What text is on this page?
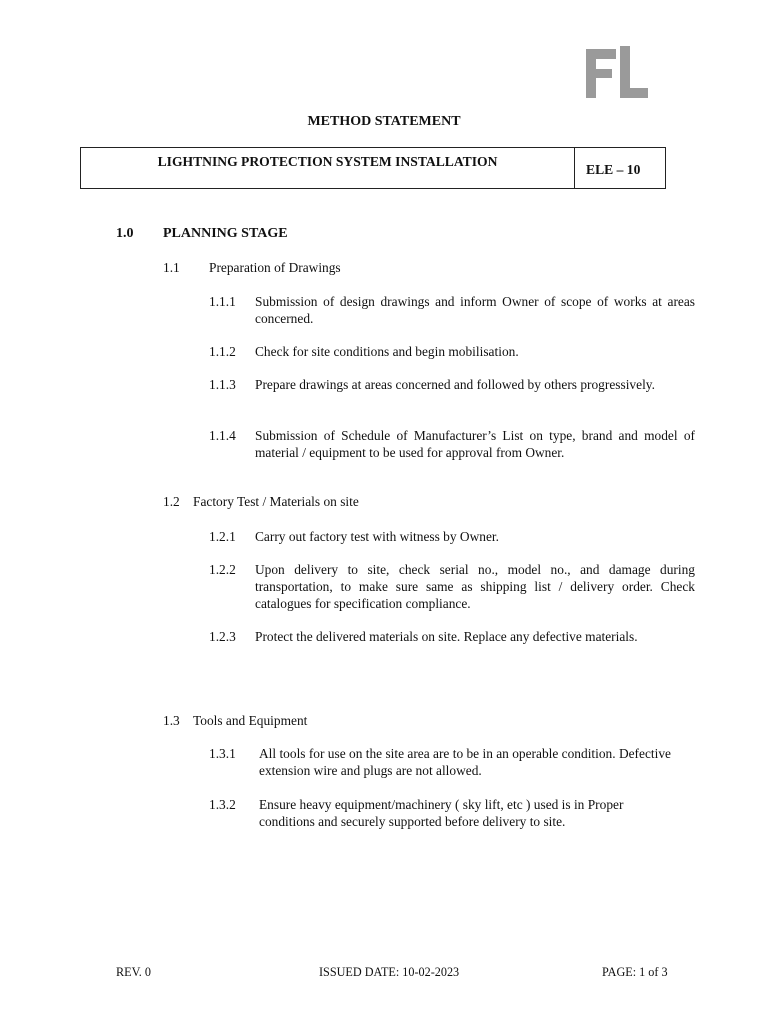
METHOD STATEMENT
LIGHTNING PROTECTION SYSTEM INSTALLATION
ELE – 10
1.0 PLANNING STAGE
1.1 Preparation of Drawings
1.1.1 Submission of design drawings and inform Owner of scope of works at areas concerned.
1.1.2 Check for site conditions and begin mobilisation.
1.1.3 Prepare drawings at areas concerned and followed by others progressively.
1.1.4 Submission of Schedule of Manufacturer’s List on type, brand and model of material / equipment to be used for approval from Owner.
1.2 Factory Test / Materials on site
1.2.1 Carry out factory test with witness by Owner.
1.2.2 Upon delivery to site, check serial no., model no., and damage during transportation, to make sure same as shipping list / delivery order. Check catalogues for specification compliance.
1.2.3 Protect the delivered materials on site. Replace any defective materials.
1.3 Tools and Equipment
1.3.1 All tools for use on the site area are to be in an operable condition. Defective extension wire and plugs are not allowed.
1.3.2 Ensure heavy equipment/machinery ( sky lift, etc ) used is in Proper conditions and securely supported before delivery to site.
REV. 0	ISSUED DATE: 10-02-2023	PAGE: 1 of 3
